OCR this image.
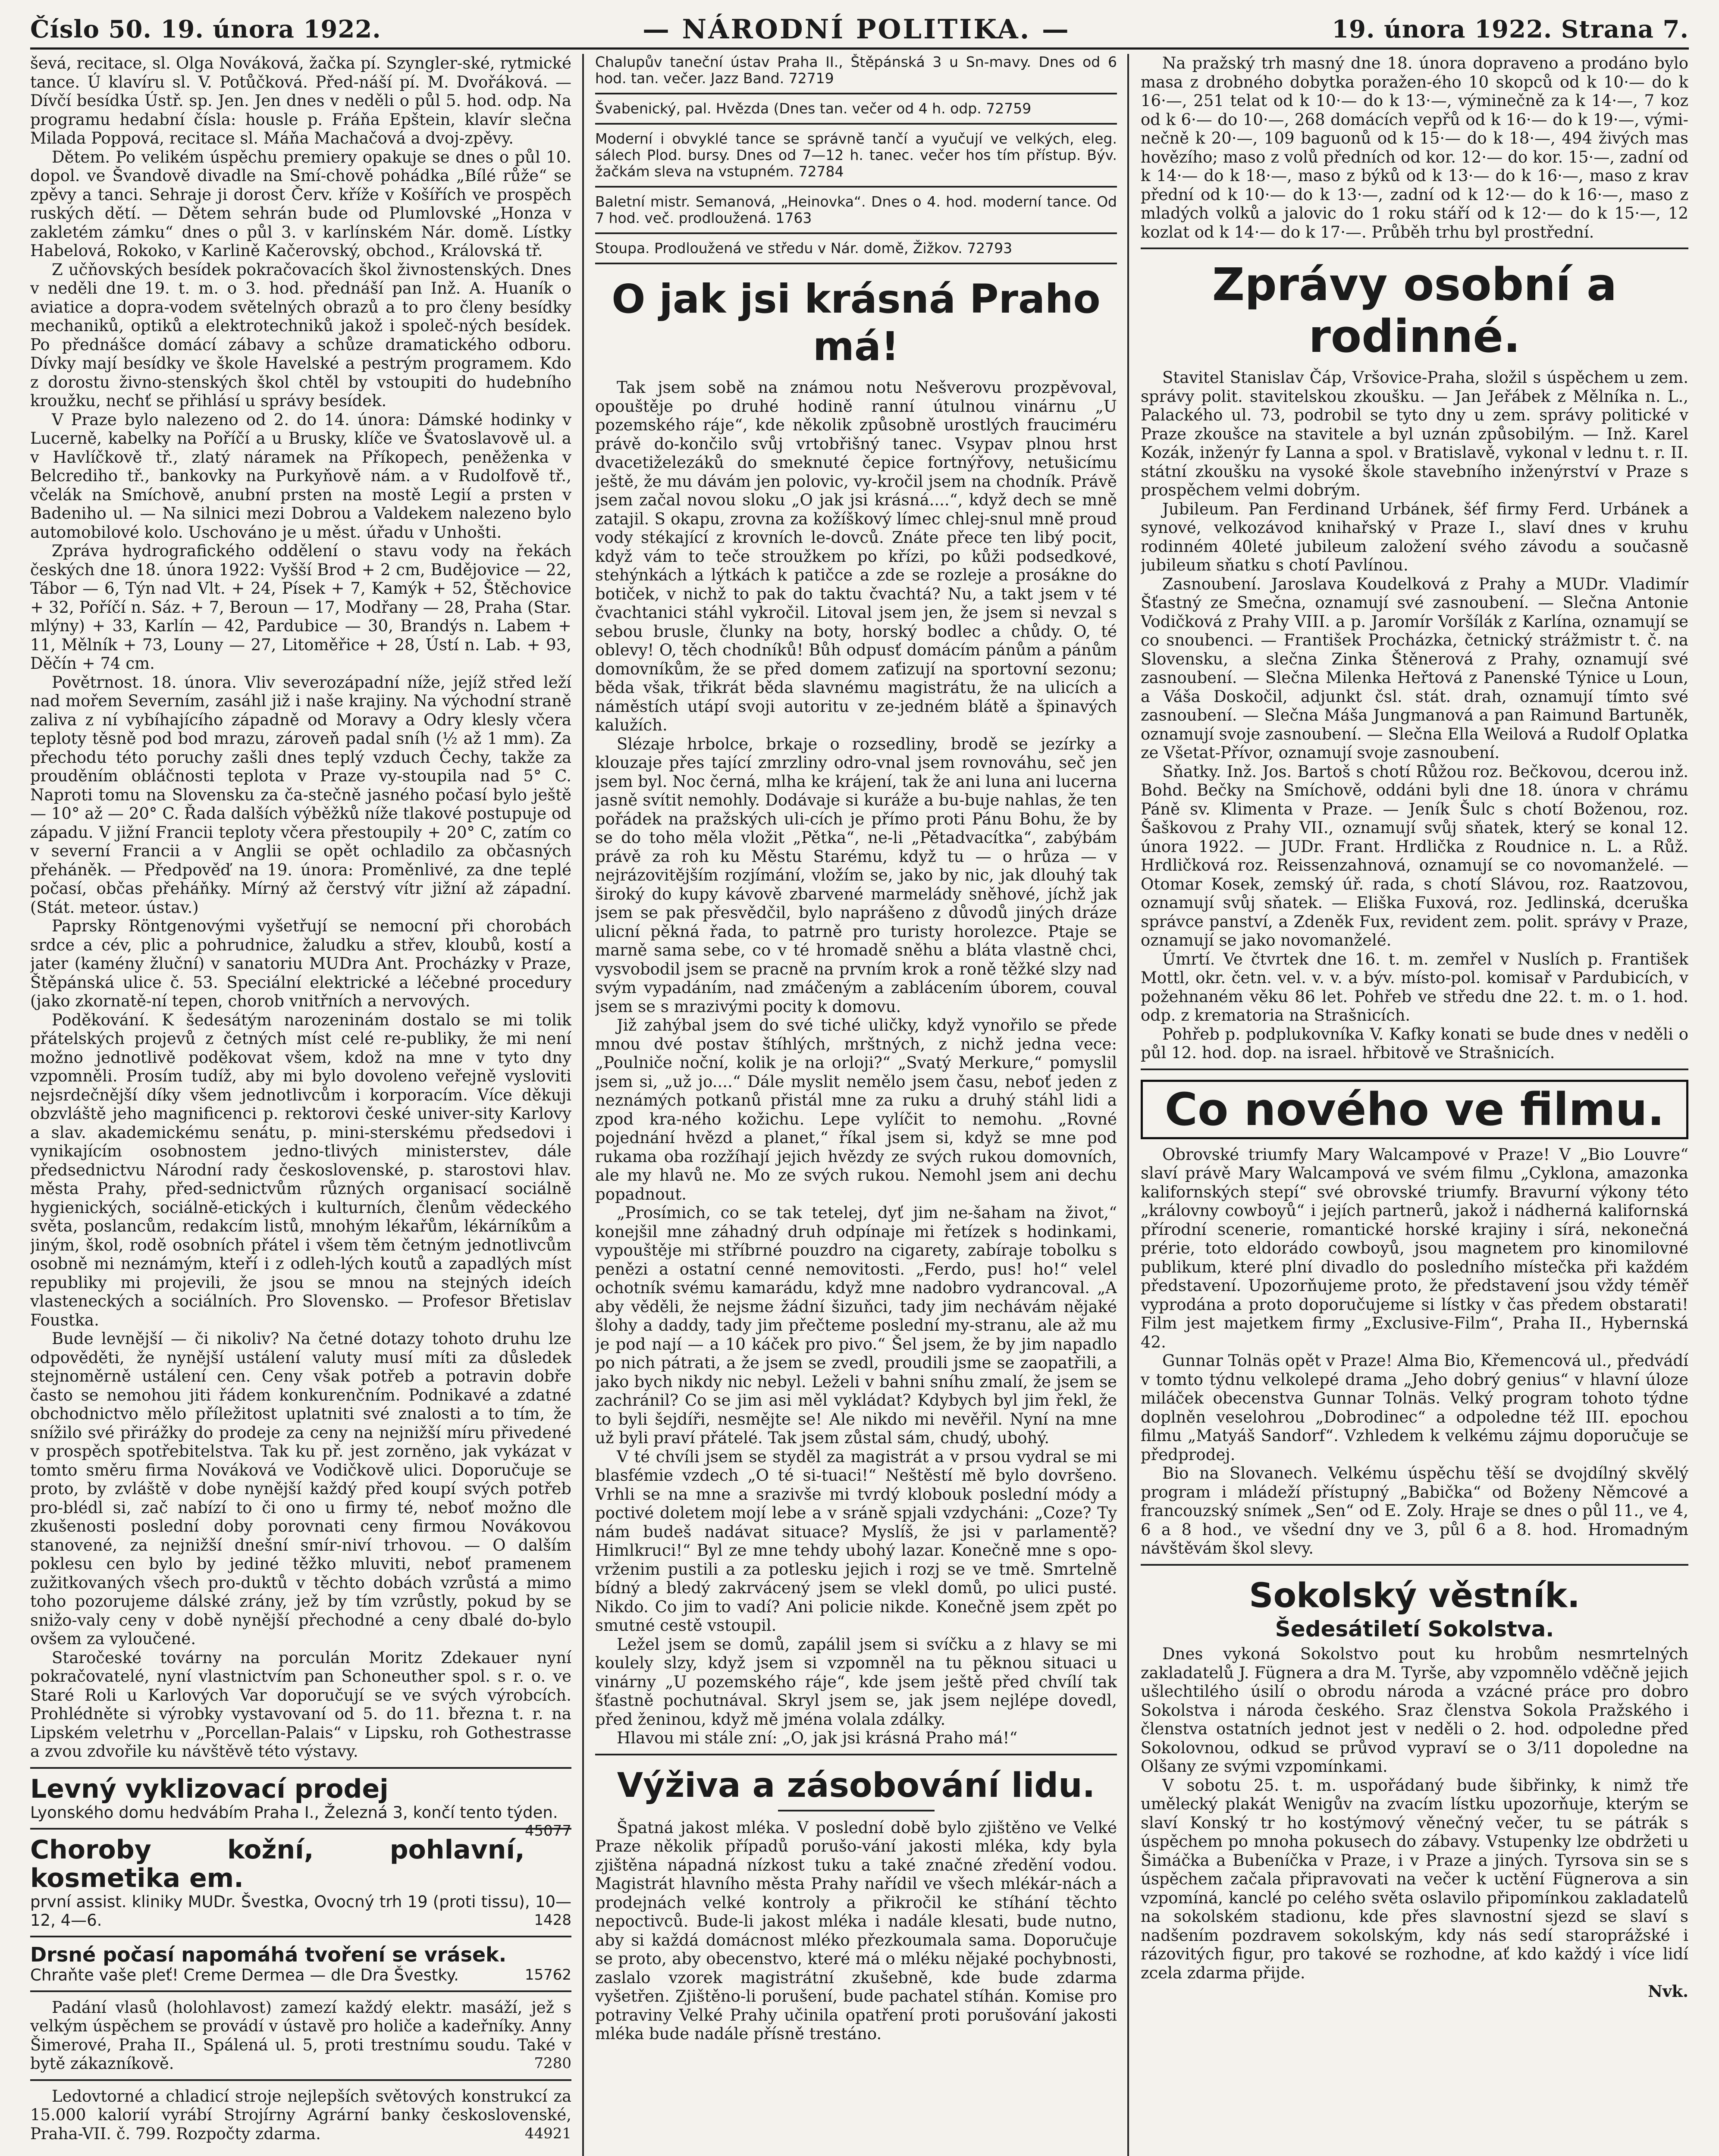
Číslo 50. 19. února 1922.	— NÁRODNÍ POLITIKA. —	19. února 1922. Strana 7.

ševá, recitace, sl. Olga Nováková, žačka pí. Szyngler-ské, rytmické tance. Ú klavíru sl. V. Potůčková. Před-náší pí. M. Dvořáková. — Dívčí besídka Ústř. sp. Jen. Jen dnes v neděli o půl 5. hod. odp. Na programu hedabní čísla: housle p. Fráňa Epštein, klavír slečna Milada Poppová, recitace sl. Máňa Machačová a dvoj-zpěvy.

Dětem. Po velikém úspěchu premiery opakuje se dnes o půl 10. dopol. ve Švandově divadle na Smí-chově pohádka „Bílé růže“ se zpěvy a tanci. Sehraje ji dorost Červ. kříže v Košířích ve prospěch ruských dětí. — Dětem sehrán bude od Plumlovské „Honza v zakletém zámku“ dnes o půl 3. v karlínském Nár. domě. Lístky Habelová, Rokoko, v Karlině Kačerovský, obchod., Královská tř.

Z učňovských besídek pokračovacích škol živnostenských. Dnes v neděli dne 19. t. m. o 3. hod. přednáší pan Inž. A. Huaník o aviatice a dopra-vodem světelných obrazů a to pro členy besídky mechaniků, optiků a elektrotechniků jakož i společ-ných besídek. Po přednášce domácí zábavy a schůze dramatického odboru. Dívky mají besídky ve škole Havelské a pestrým programem. Kdo z dorostu živno-stenských škol chtěl by vstoupiti do hudebního kroužku, nechť se přihlásí u správy besídek.

V Praze bylo nalezeno od 2. do 14. února: Dámské hodinky v Lucerně, kabelky na Poříčí a u Brusky, klíče ve Švatoslavově ul. a v Havlíčkově tř., zlatý náramek na Příkopech, peněženka v Belcrediho tř., bankovky na Purkyňově nám. a v Rudolfově tř., včelák na Smíchově, anubní prsten na mostě Legií a prsten v Badeniho ul. — Na silnici mezi Dobrou a Valdekem nalezeno bylo automobilové kolo. Uschováno je u měst. úřadu v Unhošti.

Zpráva hydrografického oddělení o stavu vody na řekách českých dne 18. února 1922: Vyšší Brod + 2 cm, Budějovice — 22, Tábor — 6, Týn nad Vlt. + 24, Písek + 7, Kamýk + 52, Štěchovice + 32, Poříčí n. Sáz. + 7, Beroun — 17, Modřany — 28, Praha (Star. mlýny) + 33, Karlín — 42, Pardubice — 30, Brandýs n. Labem + 11, Mělník + 73, Louny — 27, Litoměřice + 28, Ústí n. Lab. + 93, Děčín + 74 cm.

Povětrnost. 18. února. Vliv severozápadní níže, jejíž střed leží nad mořem Severním, zasáhl již i naše krajiny. Na východní straně zaliva z ní vybíhajícího západně od Moravy a Odry klesly včera teploty těsně pod bod mrazu, zároveň padal sníh (½ až 1 mm). Za přechodu této poruchy zašli dnes teplý vzduch Čechy, takže za prouděním obláčnosti teplota v Praze vy-stoupila nad 5° C. Naproti tomu na Slovensku za ča-stečně jasného počasí bylo ještě — 10° až — 20° C. Řada dalších výběžků níže tlakové postupuje od západu. V jižní Francii teploty včera přestoupily + 20° C, zatím co v severní Francii a v Anglii se opět ochladilo za občasných přeháněk. — Předpověď na 19. února: Proměnlivé, za dne teplé počasí, občas přeháňky. Mírný až čerstvý vítr jižní až západní. (Stát. meteor. ústav.)

Paprsky Röntgenovými vyšetřují se nemocní při chorobách srdce a cév, plic a pohrudnice, žaludku a střev, kloubů, kostí a jater (kamény žluční) v sanatoriu MUDra Ant. Procházky v Praze, Štěpánská ulice č. 53. Speciální elektrické a léčebné procedury (jako zkornatě-ní tepen, chorob vnitřních a nervových.

Poděkování. K šedesátým narozeninám dostalo se mi tolik přátelských projevů z četných míst celé re-publiky, že mi není možno jednotlivě poděkovat všem, kdož na mne v tyto dny vzpomněli. Prosím tudíž, aby mi bylo dovoleno veřejně vysloviti nejsrdečnější díky všem jednotlivcům i korporacím. Více děkuji obzvláště jeho magnificenci p. rektorovi české univer-sity Karlovy a slav. akademickému senátu, p. mini-sterskému předsedovi i vynikajícím osobnostem jedno-tlivých ministerstev, dále předsednictvu Národní rady československé, p. starostovi hlav. města Prahy, před-sednictvům různých organisací sociálně hygienických, sociálně-etických i kulturních, členům vědeckého světa, poslancům, redakcím listů, mnohým lékařům, lékárníkům a jiným, škol, rodě osobních přátel i všem těm četným jednotlivcům osobně mi neznámým, kteří i z odleh-lých koutů a zapadlých míst republiky mi projevili, že jsou se mnou na stejných ideích vlasteneckých a sociálních. Pro Slovensko. — Profesor Břetislav Foustka.

Bude levnější — či nikoliv? Na četné dotazy tohoto druhu lze odpověděti, že nynější ustálení valuty musí míti za důsledek stejnoměrně ustálení cen. Ceny však potřeb a potravin dobře často se nemohou jiti řádem konkurenčním. Podnikavé a zdatné obchodnictvo mělo příležitost uplatniti své znalosti a to tím, že snížilo své přirážky do prodeje za ceny na nejnižší míru přivedené v prospěch spotřebitelstva. Tak ku př. jest zorněno, jak vykázat v tomto směru firma Nováková ve Vodičkově ulici. Doporučuje se proto, by zvláště v dobe nynější každý před koupí svých potřeb pro-blédl si, zač nabízí to či ono u firmy té, neboť možno dle zkušenosti poslední doby porovnati ceny firmou Novákovou stanovené, za nejnižší dnešní smír-niví trhovou. — O dalším poklesu cen bylo by jediné těžko mluviti, neboť pramenem zužitkovaných všech pro-duktů v těchto dobách vzrůstá a mimo toho pozorujeme dálské zrány, jež by tím vzrůstly, pokud by se snižo-valy ceny v době nynější přechodné a ceny dbalé do-bylo ovšem za vyloučené.

Staročeské továrny na porculán Moritz Zdekauer nyní pokračovatelé, nyní vlastnictvím pan Schoneuther spol. s r. o. ve Staré Roli u Karlových Var doporučují se ve svých výrobcích. Prohlédněte si výrobky vystavovaní od 5. do 11. března t. r. na Lipském veletrhu v „Porcellan-Palais“ v Lipsku, roh Gothestrasse a zvou zdvořile ku návštěvě této výstavy.

Levný vyklizovací prodej

Lyonského domu hedvábím Praha I., Železná 3, končí tento týden.
45077

Choroby kožní, pohlavní, kosmetika em.

první assist. kliniky MUDr. Švestka, Ovocný trh 19 (proti tissu), 10—12, 4—6.	1428

Drsné počasí napomáhá tvoření se vrásek.

Chraňte vaše pleť! Creme Dermea — dle Dra Švestky.	15762

Padání vlasů (holohlavost) zamezí každý elektr. masáží, jež s velkým úspěchem se provádí v ústavě pro holiče a kadeřníky. Anny Šimerové, Praha II., Spálená ul. 5, proti trestnímu soudu. Také v bytě zákazníkově.	7280

Ledovtorné a chladicí stroje nejlepších světových konstrukcí za 15.000 kalorií vyrábí Strojírny Agrární banky československé, Praha-VII. č. 799. Rozpočty zdarma.	44921

Chalupův taneční ústav Praha II., Štěpánská 3 u Sn-mavy. Dnes od 6 hod. tan. večer. Jazz Band. 72719

Švabenický, pal. Hvězda (Dnes tan. večer od 4 h. odp. 72759

Moderní i obvyklé tance se správně tančí a vyučují ve velkých, eleg. sálech Plod. bursy. Dnes od 7—12 h. tanec. večer hos tím přístup. Býv. žačkám sleva na vstupném. 72784

Baletní mistr. Semanová, „Heinovka“. Dnes o 4. hod. moderní tance. Od 7 hod. več. prodloužená. 1763

Stoupa. Prodloužená ve středu v Nár. domě, Žižkov. 72793

O jak jsi krásná Praho má!

Tak jsem sobě na známou notu Nešverovu prozpěvoval, opouštěje po druhé hodině ranní útulnou vinárnu „U pozemského ráje“, kde několik způsobně urostlých frauciméru právě do-končilo svůj vrtobřišný tanec. Vsypav plnou hrst dvacetiželezáků do smeknuté čepice fortnýřovy, netušicímu ještě, že mu dávám jen polovic, vy-kročil jsem na chodník. Právě jsem začal novou sloku „O jak jsi krásná....“, když dech se mně zatajil. S okapu, zrovna za kožíškový límec chlej-snul mně proud vody stékající z krovních le-dovců. Znáte přece ten libý pocit, když vám to teče stroužkem po křízi, po kůži podsedkové, stehýnkách a lýtkách k patičce a zde se rozleje a prosákne do botiček, v nichž to pak do taktu čvachtá? Nu, a takt jsem v té čvachtanici stáhl vykročil. Litoval jsem jen, že jsem si nevzal s sebou brusle, člunky na boty, horský bodlec a chůdy. O, té oblevy! O, těch chodníků! Bůh odpusť domácím pánům a pánům domovníkům, že se před domem zaťizují na sportovní sezonu; běda však, třikrát běda slavnému magistrátu, že na ulicích a náměstích utápí svoji autoritu v ze-jedném blátě a špinavých kalužích.

Slézaje hrbolce, brkaje o rozsedliny, brodě se jezírky a klouzaje přes tající zmrzliny odro-vnal jsem rovnováhu, seč jen jsem byl. Noc černá, mlha ke krájení, tak že ani luna ani lucerna jasně svítit nemohly. Dodávaje si kuráže a bu-buje nahlas, že ten pořádek na pražských uli-cích je přímo proti Pánu Bohu, že by se do toho měla vložit „Pětka“, ne-li „Pětadvacítka“, zabýbám právě za roh ku Městu Starému, když tu — o hrůza — v nejrázovitějším rozjímání, vložím se, jako by nic, jak dlouhý tak široký do kupy kávově zbarvené marmelády sněhové, jíchž jak jsem se pak přesvědčil, bylo naprášeno z důvodů jiných dráze ulicní pěkná řada, to patrně pro turisty horolezce. Ptaje se marně sama sebe, co v té hromadě sněhu a bláta vlastně chci, vysvobodil jsem se pracně na prvním krok a roně těžké slzy nad svým vypadáním, nad zmáčeným a zablácením úborem, couval jsem se s mrazivými pocity k domovu.

Již zahýbal jsem do své tiché uličky, když vynořilo se přede mnou dvé postav štíhlých, mrštných, z nichž jedna vece: „Poulniče noční, kolik je na orloji?“ „Svatý Merkure,“ pomyslil jsem si, „už jo....“ Dále myslit nemělo jsem času, neboť jeden z neznámých potkanů přistál mne za ruku a druhý stáhl lidi a zpod kra-ného kožichu. Lepe vylíčit to nemohu. „Rovné pojednání hvězd a planet,“ říkal jsem si, když se mne pod rukama oba rozžíhají jejich hvězdy ze svých rukou domovních, ale my hlavů ne. Mo ze svých rukou. Nemohl jsem ani dechu popadnout.

„Prosímich, co se tak tetelej, dyť jim ne-šaham na život,“ konejšil mne záhadný druh odpínaje mi řetízek s hodinkami, vypouštěje mi stříbrné pouzdro na cigarety, zabíraje tobolku s penězi a ostatní cenné nemovitosti. „Ferdo, pus! ho!“ velel ochotník svému kamarádu, když mne nadobro vydrancoval. „A aby věděli, že nejsme žádní šizuňci, tady jim nechávám nějaké šlohy a daddy, tady jim přečteme poslední my-stranu, ale až mu je pod nají — a 10 káček pro pivo.“ Šel jsem, že by jim napadlo po nich pátrati, a že jsem se zvedl, proudili jsme se zaopatřili, a jako bych nikdy nic nebyl. Leželi v bahni sníhu zmalí, že jsem se zachránil? Co se jim asi měl vykládat? Kdybych byl jim řekl, že to byli šejdíři, nesmějte se! Ale nikdo mi nevěřil. Nyní na mne už byli praví přátelé. Tak jsem zůstal sám, chudý, ubohý.

V té chvíli jsem se styděl za magistrát a v prsou vydral se mi blasfémie vzdech „O té si-tuaci!“ Neštěstí mě bylo dovršeno. Vrhli se na mne a srazivše mi tvrdý klobouk poslední módy a poctivé doletem mojí lebe a v sráně spjali vzdycháni: „Coze? Ty nám budeš nadávat situace? Myslíš, že jsi v parlamentě? Himlkruci!“ Byl ze mne tehdy ubohý lazar. Konečně mne s opo-vrženim pustili a za potlesku jejich i rozj se ve tmě. Smrtelně bídný a bledý zakrvácený jsem se vlekl domů, po ulici pusté. Nikdo. Co jim to vadí? Ani policie nikde. Konečně jsem zpět po smutné cestě vstoupil.

Ležel jsem se domů, zapálil jsem si svíčku a z hlavy se mi koulely slzy, když jsem si vzpomněl na tu pěknou situaci u vinárny „U pozemského ráje“, kde jsem ještě před chvílí tak šťastně pochutnával. Skryl jsem se, jak jsem nejlépe dovedl, před ženinou, když mě jména volala zdálky.

Hlavou mi stále zní: „O, jak jsi krásná Praho má!“

Výživa a zásobování lidu.

Špatná jakost mléka. V poslední době bylo zjištěno ve Velké Praze několik případů porušo-vání jakosti mléka, kdy byla zjištěna nápadná nízkost tuku a také značné zředění vodou. Magistrát hlavního města Prahy nařídil ve všech mlékár-nách a prodejnách velké kontroly a přikročil ke stíhání těchto nepoctivců. Bude-li jakost mléka i nadále klesati, bude nutno, aby si každá domácnost mléko přezkoumala sama. Doporučuje se proto, aby obecenstvo, které má o mléku nějaké pochybnosti, zaslalo vzorek magistrátní zkušebně, kde bude zdarma vyšetřen. Zjištěno-li porušení, bude pachatel stíhán. Komise pro potraviny Velké Prahy učinila opatření proti porušování jakosti mléka bude nadále přísně trestáno.

Na pražský trh masný dne 18. února dopraveno a prodáno bylo masa z drobného dobytka poražen-ého 10 skopců od k 10·— do k 16·—, 251 telat od k 10·— do k 13·—, výminečně za k 14·—, 7 koz od k 6·— do 10·—, 268 domácích vepřů od k 16·— do k 19·—, vými-nečně k 20·—, 109 baguonů od k 15·— do k 18·—, 494 živých mas hovězího; maso z volů předních od kor. 12·— do kor. 15·—, zadní od k 14·— do k 18·—, maso z býků od k 13·— do k 16·—, maso z krav přední od k 10·— do k 13·—, zadní od k 12·— do k 16·—, maso z mladých volků a jalovic do 1 roku stáří od k 12·— do k 15·—, 12 kozlat od k 14·— do k 17·—. Průběh trhu byl prostřední.

Zprávy osobní a rodinné.

Stavitel Stanislav Čáp, Vršovice-Praha, složil s úspěchem u zem. správy polit. stavitelskou zkoušku. — Jan Jeřábek z Mělníka n. L., Palackého ul. 73, podrobil se tyto dny u zem. správy politické v Praze zkoušce na stavitele a byl uznán způsobilým. — Inž. Karel Kozák, inženýr fy Lanna a spol. v Bratislavě, vykonal v lednu t. r. II. státní zkoušku na vysoké škole stavebního inženýrství v Praze s prospěchem velmi dobrým.

Jubileum. Pan Ferdinand Urbánek, šéf firmy Ferd. Urbánek a synové, velkozávod knihařský v Praze I., slaví dnes v kruhu rodinném 40leté jubileum založení svého závodu a současně jubileum sňatku s chotí Pavlínou.

Zasnoubení. Jaroslava Koudelková z Prahy a MUDr. Vladimír Šťastný ze Smečna, oznamují své zasnoubení. — Slečna Antonie Vodičková z Prahy VIII. a p. Jaromír Voršílák z Karlína, oznamují se co snoubenci. — František Procházka, četnický strážmistr t. č. na Slovensku, a slečna Zinka Štěnerová z Prahy, oznamují své zasnoubení. — Slečna Milenka Heřtová z Panenské Týnice u Loun, a Váša Doskočil, adjunkt čsl. stát. drah, oznamují tímto své zasnoubení. — Slečna Máša Jungmanová a pan Raimund Bartuněk, oznamují svoje zasnoubení. — Slečna Ella Weilová a Rudolf Oplatka ze Všetat-Přívor, oznamují svoje zasnoubení.

Sňatky. Inž. Jos. Bartoš s chotí Růžou roz. Bečkovou, dcerou inž. Bohd. Bečky na Smíchově, oddáni byli dne 18. února v chrámu Páně sv. Klimenta v Praze. — Jeník Šulc s chotí Boženou, roz. Šaškovou z Prahy VII., oznamují svůj sňatek, který se konal 12. února 1922. — JUDr. Frant. Hrdlička z Roudnice n. L. a Růž. Hrdličková roz. Reissenzahnová, oznamují se co novomanželé. — Otomar Kosek, zemský úř. rada, s chotí Slávou, roz. Raatzovou, oznamují svůj sňatek. — Eliška Fuxová, roz. Jedlinská, dceruška správce panství, a Zdeněk Fux, revident zem. polit. správy v Praze, oznamují se jako novomanželé.

Úmrtí. Ve čtvrtek dne 16. t. m. zemřel v Nuslích p. František Mottl, okr. četn. vel. v. v. a býv. místo-pol. komisař v Pardubicích, v požehnaném věku 86 let. Pohřeb ve středu dne 22. t. m. o 1. hod. odp. z krematoria na Strašnicích.

Pohřeb p. podplukovníka V. Kafky konati se bude dnes v neděli o půl 12. hod. dop. na israel. hřbitově ve Strašnicích.

Co nového ve filmu.

Obrovské triumfy Mary Walcampové v Praze! V „Bio Louvre“ slaví právě Mary Walcampová ve svém filmu „Cyklona, amazonka kalifornských stepí“ své obrovské triumfy. Bravurní výkony této „královny cowboyů“ i jejích partnerů, jakož i nádherná kalifornská přírodní scenerie, romantické horské krajiny i sírá, nekonečná prérie, toto eldorádo cowboyů, jsou magnetem pro kinomilovné publikum, které plní divadlo do posledního místečka při každém představení. Upozorňujeme proto, že představení jsou vždy téměř vyprodána a proto doporučujeme si lístky v čas předem obstarati! Film jest majetkem firmy „Exclusive-Film“, Praha II., Hybernská 42.

Gunnar Tolnäs opět v Praze! Alma Bio, Křemencová ul., předvádí v tomto týdnu velkolepé drama „Jeho dobrý genius“ v hlavní úloze miláček obecenstva Gunnar Tolnäs. Velký program tohoto týdne doplněn veselohrou „Dobrodinec“ a odpoledne též III. epochou filmu „Matyáš Sandorf“. Vzhledem k velkému zájmu doporučuje se předprodej.

Bio na Slovanech. Velkému úspěchu těší se dvojdílný skvělý program i mládeží přístupný „Babička“ od Boženy Němcové a francouzský snímek „Sen“ od E. Zoly. Hraje se dnes o půl 11., ve 4, 6 a 8 hod., ve všední dny ve 3, půl 6 a 8. hod. Hromadným návštěvám škol slevy.

Sokolský věstník.
Šedesátiletí Sokolstva.

Dnes vykoná Sokolstvo pout ku hrobům nesmrtelných zakladatelů J. Fügnera a dra M. Tyrše, aby vzpomnělo vděčně jejich ušlechtilého úsilí o obrodu národa a vzácné práce pro dobro Sokolstva i národa českého. Sraz členstva Sokola Pražského i členstva ostatních jednot jest v neděli o 2. hod. odpoledne před Sokolovnou, odkud se průvod vypraví se o 3/11 dopoledne na Olšany ze svými vzpomínkami.

V sobotu 25. t. m. uspořádaný bude šibřinky, k nimž tře umělecký plakát Wenigův na zvacím lístku upozorňuje, kterým se slaví Konský tr ho kostýmový věnečný večer, tu se pátrák s úspěchem po mnoha pokusech do zábavy. Vstupenky lze obdržeti u Šimáčka a Bubeníčka v Praze, i v Praze a jiných. Tyrsova sin se s úspěchem začala připravovati na večer k uctění Fügnerova a sin vzpomíná, kanclé po celého světa oslavilo připomínkou zakladatelů na sokolském stadionu, kde přes slavnostní sjezd se slaví s nadšením pozdravem sokolským, kdy nás sedí staroprážské i rázovitých figur, pro takové se rozhodne, ať kdo každý i více lidí zcela zdarma přijde.

Nvk.
